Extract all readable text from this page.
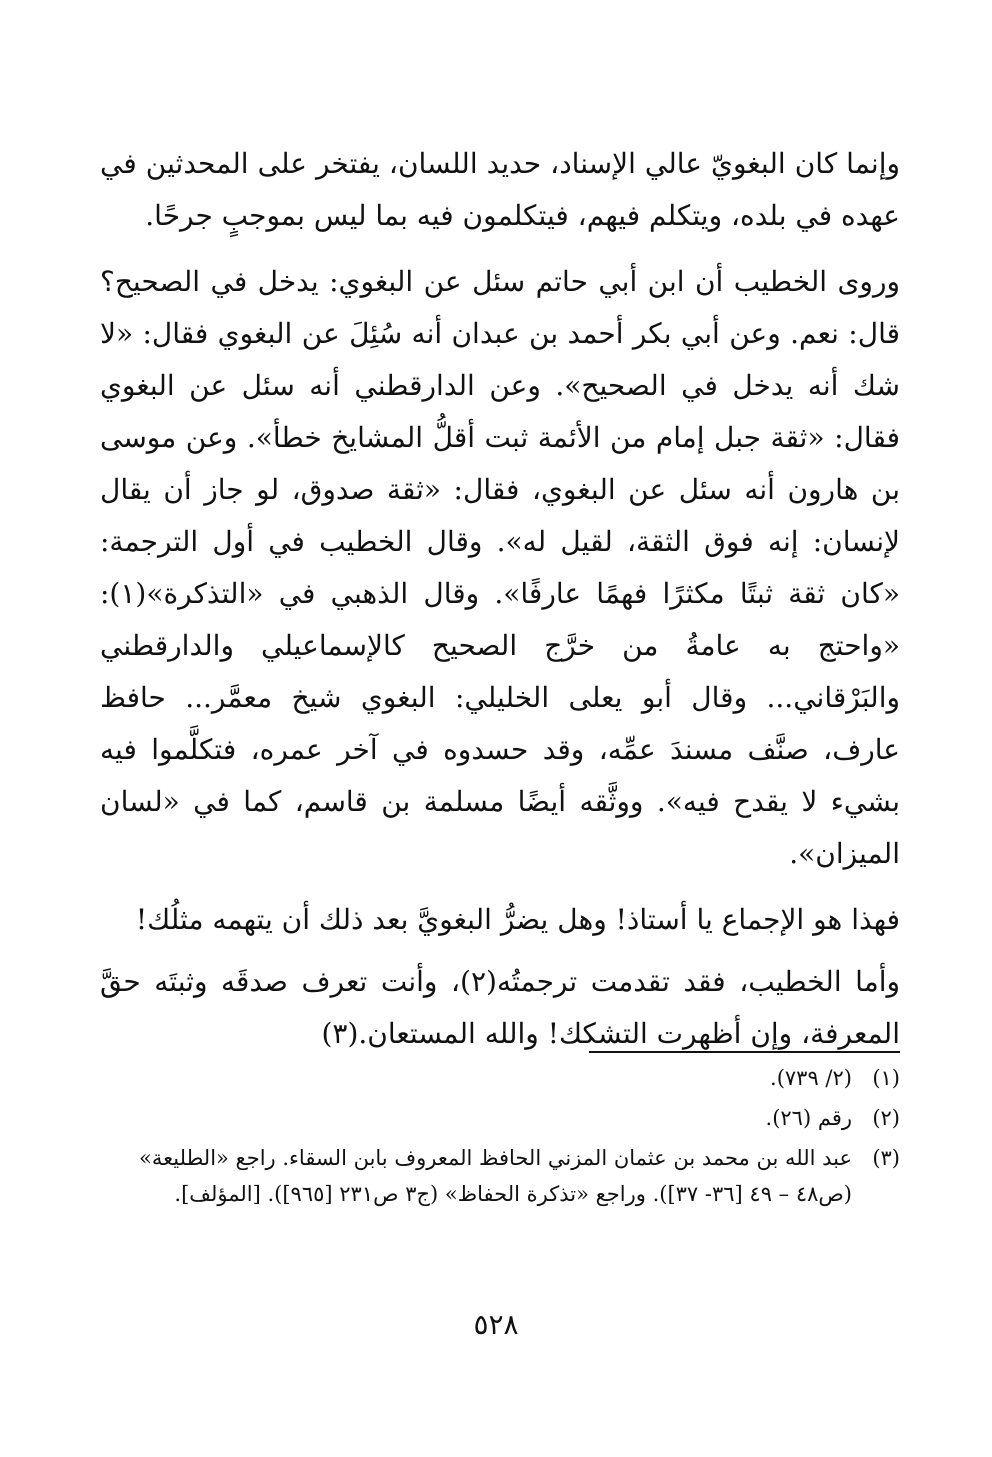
وإنما كان البغويّ عالي الإسناد، حديد اللسان، يفتخر على المحدثين في عهده في بلده، ويتكلم فيهم، فيتكلمون فيه بما ليس بموجبٍ جرحًا.

وروى الخطيب أن ابن أبي حاتم سئل عن البغوي: يدخل في الصحيح؟ قال: نعم. وعن أبي بكر أحمد بن عبدان أنه سُئِلَ عن البغوي فقال: «لا شك أنه يدخل في الصحيح». وعن الدارقطني أنه سئل عن البغوي فقال: «ثقة جبل إمام من الأئمة ثبت أقلُّ المشايخ خطأ». وعن موسى بن هارون أنه سئل عن البغوي، فقال: «ثقة صدوق، لو جاز أن يقال لإنسان: إنه فوق الثقة، لقيل له». وقال الخطيب في أول الترجمة: «كان ثقة ثبتًا مكثرًا فهمًا عارفًا». وقال الذهبي في «التذكرة»(١): «واحتج به عامةُ من خرَّج الصحيح كالإسماعيلي والدارقطني والبَرْقاني... وقال أبو يعلى الخليلي: البغوي شيخ معمَّر... حافظ عارف، صنَّف مسندَ عمِّه، وقد حسدوه في آخر عمره، فتكلَّموا فيه بشيء لا يقدح فيه». ووثَّقه أيضًا مسلمة بن قاسم، كما في «لسان الميزان».

فهذا هو الإجماع يا أستاذ! وهل يضرُّ البغويَّ بعد ذلك أن يتهمه مثلُك!

وأما الخطيب، فقد تقدمت ترجمتُه(٢)، وأنت تعرف صدقَه وثبتَه حقَّ المعرفة، وإن أظهرت التشكك! والله المستعان.(٣)

(١)
(٢/ ٧٣٩).
(٢)
رقم (٢٦).
(٣)
عبد الله بن محمد بن عثمان المزني الحافظ المعروف بابن السقاء. راجع «الطليعة» (ص٤٨ – ٤٩ [٣٦- ٣٧]). وراجع «تذكرة الحفاظ» (ج٣ ص٢٣١ [٩٦٥]). [المؤلف].
٥٢٨
